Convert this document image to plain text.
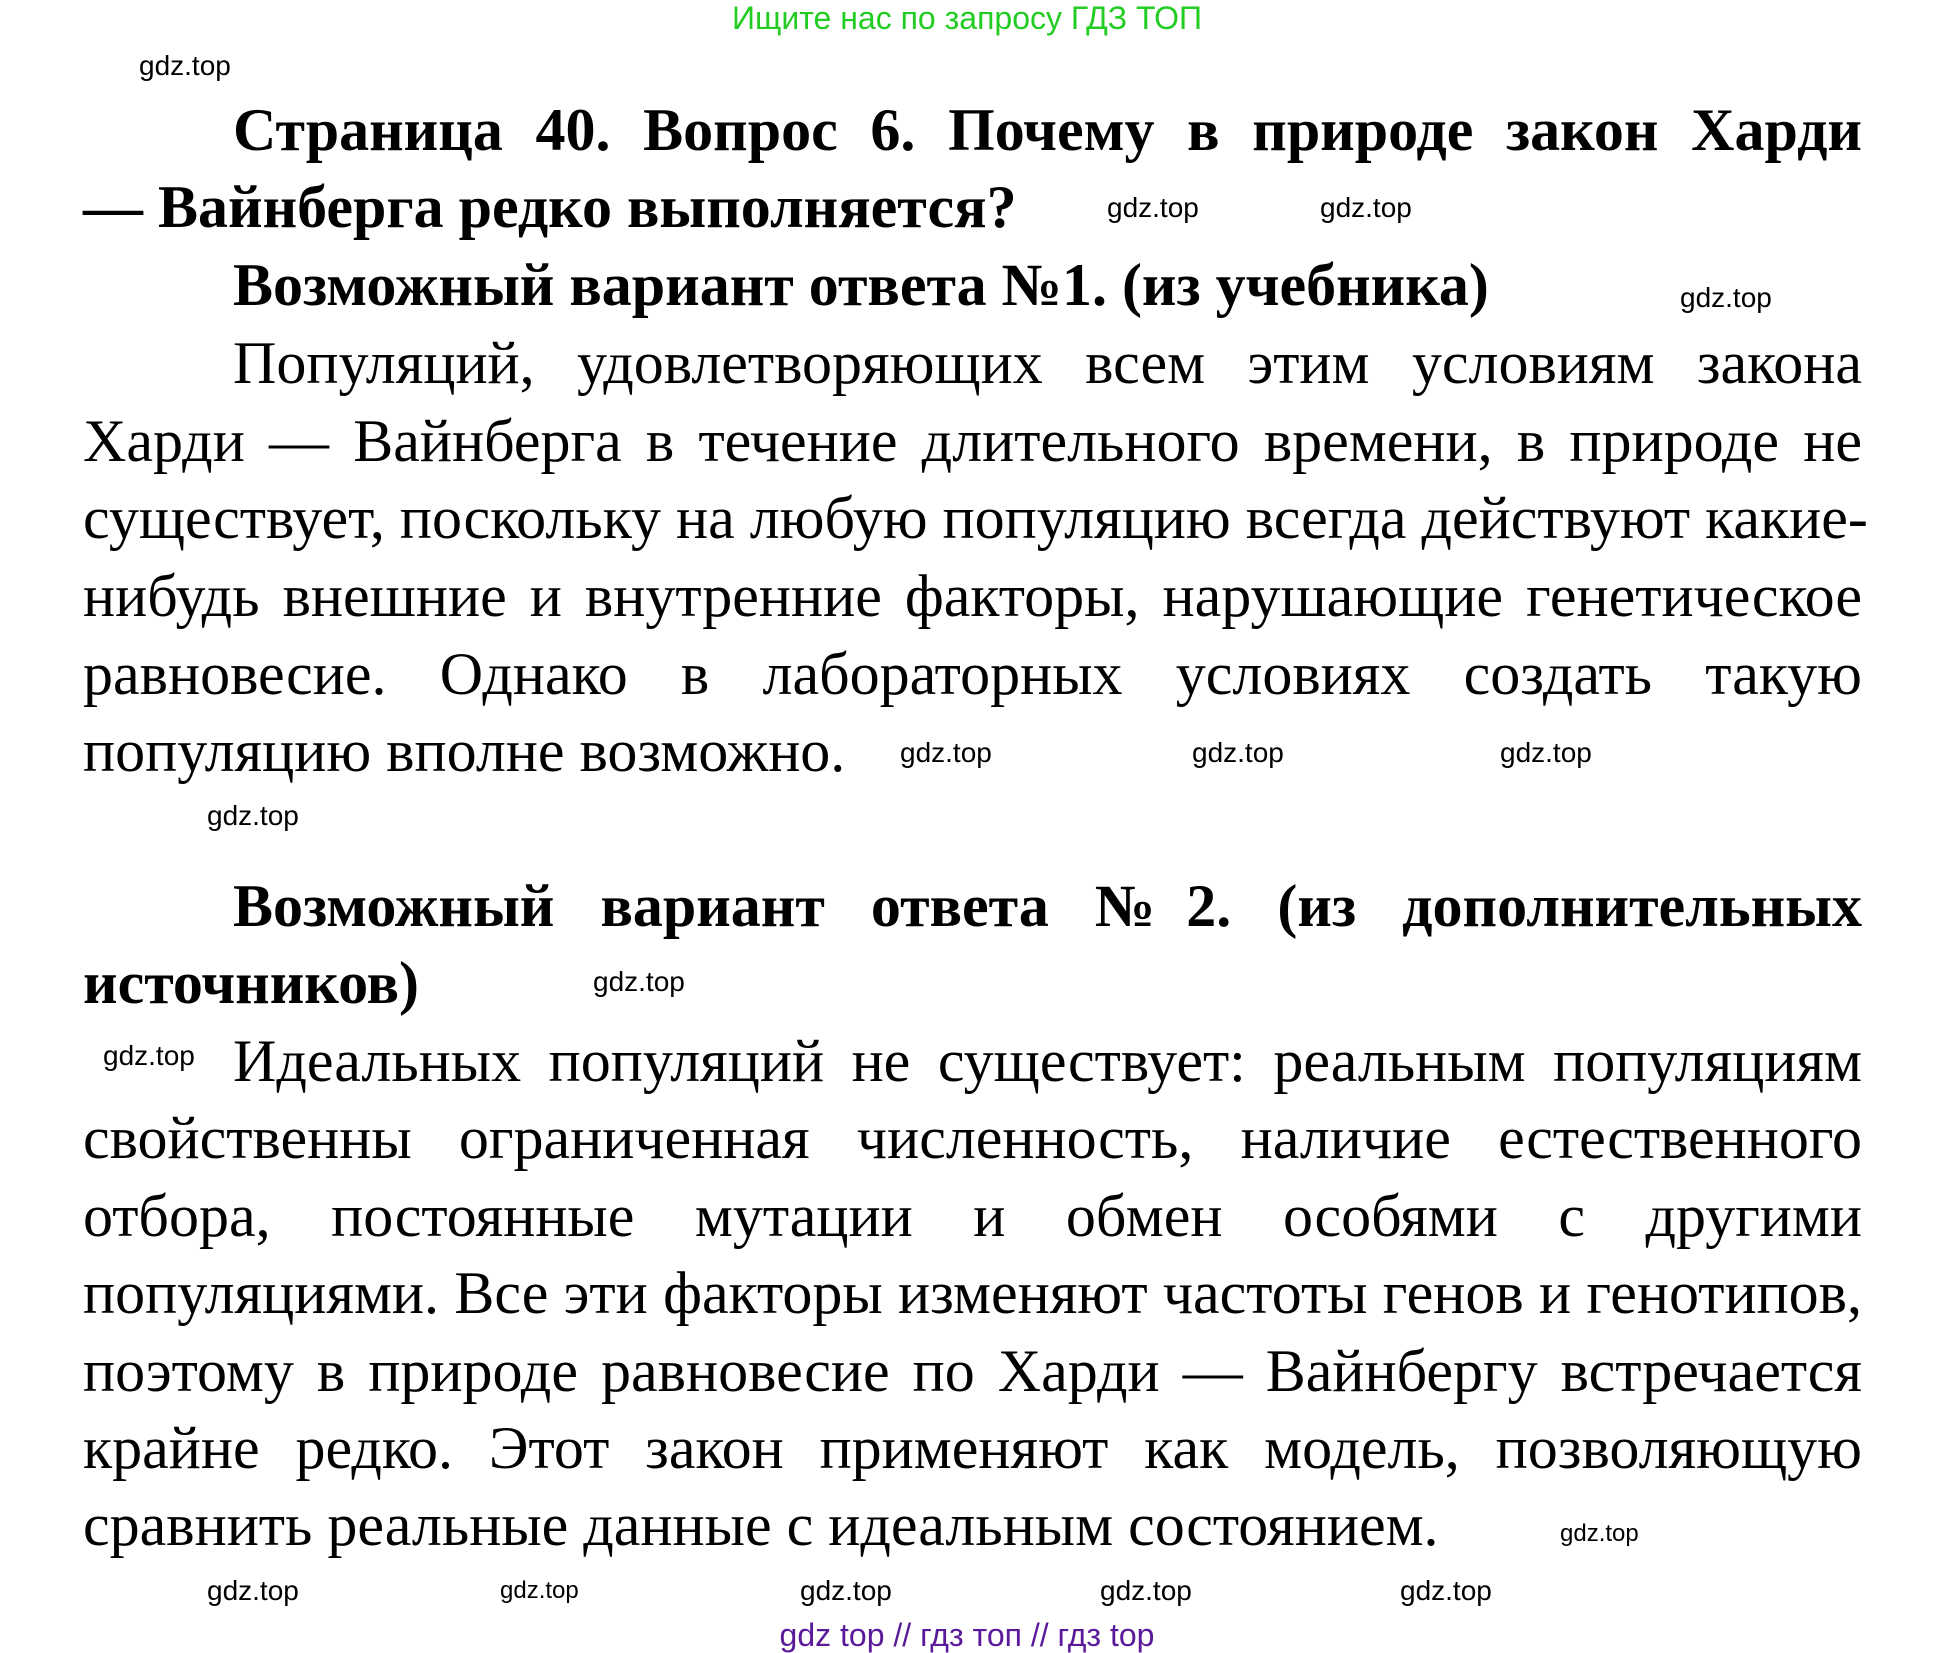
Ищите нас по запросу ГДЗ ТОП
Страница 40. Вопрос 6. Почему в природе закон Харди
— Вайнберга редко выполняется?
Возможный вариант ответа №1. (из учебника)
Популяций, удовлетворяющих всем этим условиям закона
Харди — Вайнберга в течение длительного времени, в природе не
существует, поскольку на любую популяцию всегда действуют какие-
нибудь внешние и внутренние факторы, нарушающие генетическое
равновесие. Однако в лабораторных условиях создать такую
популяцию вполне возможно.
Возможный вариант ответа №2. (из дополнительных
источников)
Идеальных популяций не существует: реальным популяциям
свойственны ограниченная численность, наличие естественного
отбора, постоянные мутации и обмен особями с другими
популяциями. Все эти факторы изменяют частоты генов и генотипов,
поэтому в природе равновесие по Харди — Вайнбергу встречается
крайне редко. Этот закон применяют как модель, позволяющую
сравнить реальные данные с идеальным состоянием.
gdz.top
gdz.top	gdz.top
gdz.top
gdz.top	gdz.top
gdz.top
gdz.top
gdz.top
gdz.top
gdz.top	gdz.top
gdz.top	gdz.top
gdz.top
gdz.top
gdz top // гдз топ // гдз top
